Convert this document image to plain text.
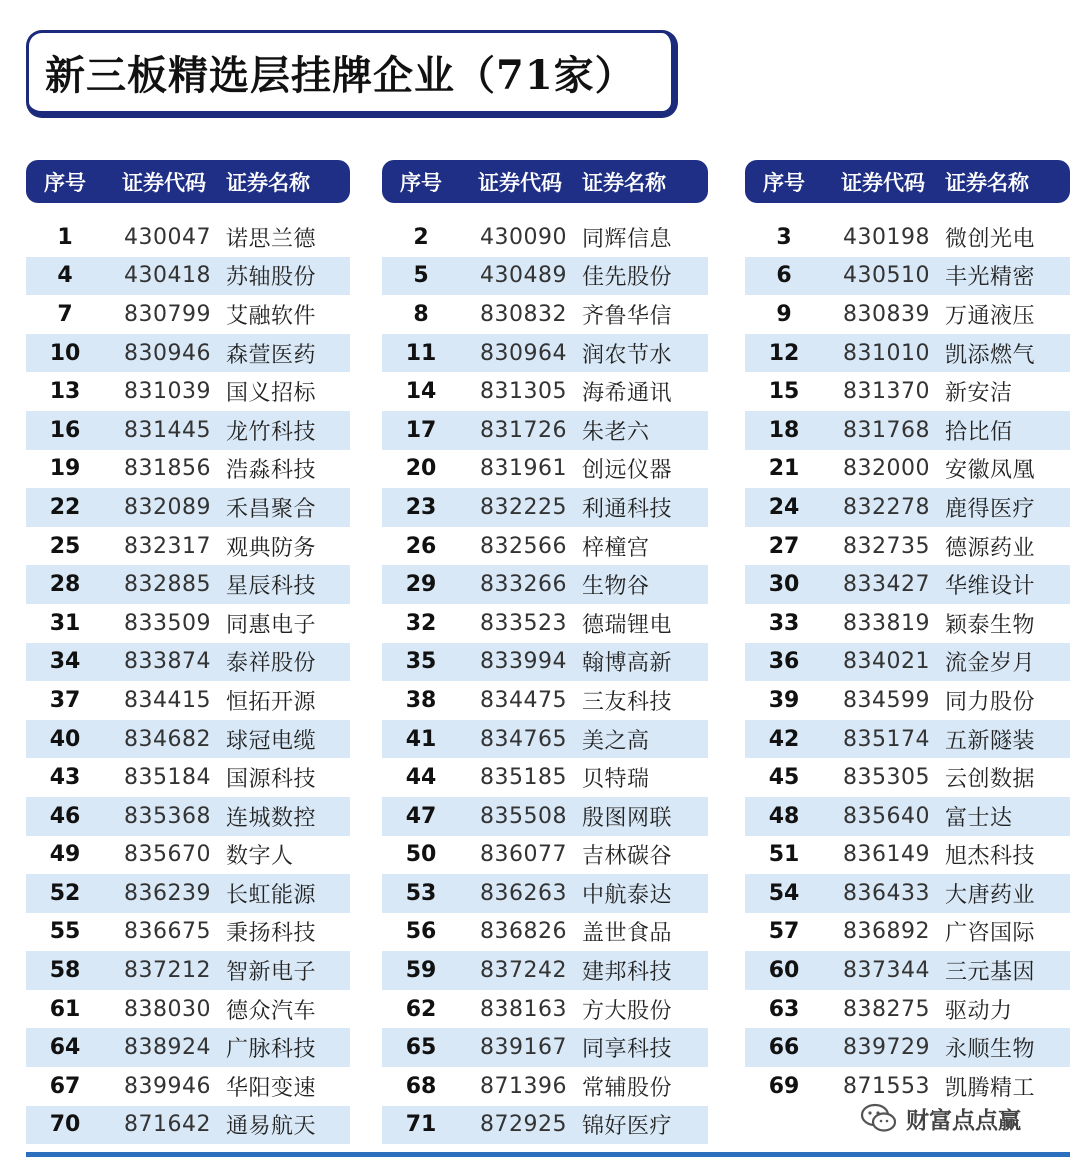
新三板精选层挂牌企业（71家）
序号	证券代码 证券名称
1	430047 诺思兰德
4	430418 苏轴股份
7	830799 艾融软件
10	830946 森萱医药
13	831039 国义招标
16	831445 龙竹科技
19	831856 浩淼科技
22	832089 禾昌聚合
25	832317 观典防务
28	832885 星辰科技
31	833509 同惠电子
34	833874 泰祥股份
37	834415 恒拓开源
40	834682 球冠电缆
43	835184 国源科技
46	835368 连城数控
49	835670 数字人
52	836239 长虹能源
55	836675 秉扬科技
58	837212 智新电子
61	838030 德众汽车
64	838924 广脉科技
67	839946 华阳变速
70	871642 通易航天
序号	证券代码 证券名称
2	430090 同辉信息
5	430489 佳先股份
8	830832 齐鲁华信
11	830964 润农节水
14	831305 海希通讯
17	831726 朱老六
20	831961 创远仪器
23	832225 利通科技
26	832566 梓橦宫
29	833266 生物谷
32	833523 德瑞锂电
35	833994 翰博高新
38	834475 三友科技
41	834765 美之高
44	835185 贝特瑞
47	835508 殷图网联
50	836077 吉林碳谷
53	836263 中航泰达
56	836826 盖世食品
59	837242 建邦科技
62	838163 方大股份
65	839167 同享科技
68	871396 常辅股份
71	872925 锦好医疗
序号	证券代码 证券名称
3	430198 微创光电
6	430510 丰光精密
9	830839 万通液压
12	831010 凯添燃气
15	831370 新安洁
18	831768 拾比佰
21	832000 安徽凤凰
24	832278 鹿得医疗
27	832735 德源药业
30	833427 华维设计
33	833819 颖泰生物
36	834021 流金岁月
39	834599 同力股份
42	835174 五新隧装
45	835305 云创数据
48	835640 富士达
51	836149 旭杰科技
54	836433 大唐药业
57	836892 广咨国际
60	837344 三元基因
63	838275 驱动力
66	839729 永顺生物
69	871553 凯腾精工
财富点点赢
